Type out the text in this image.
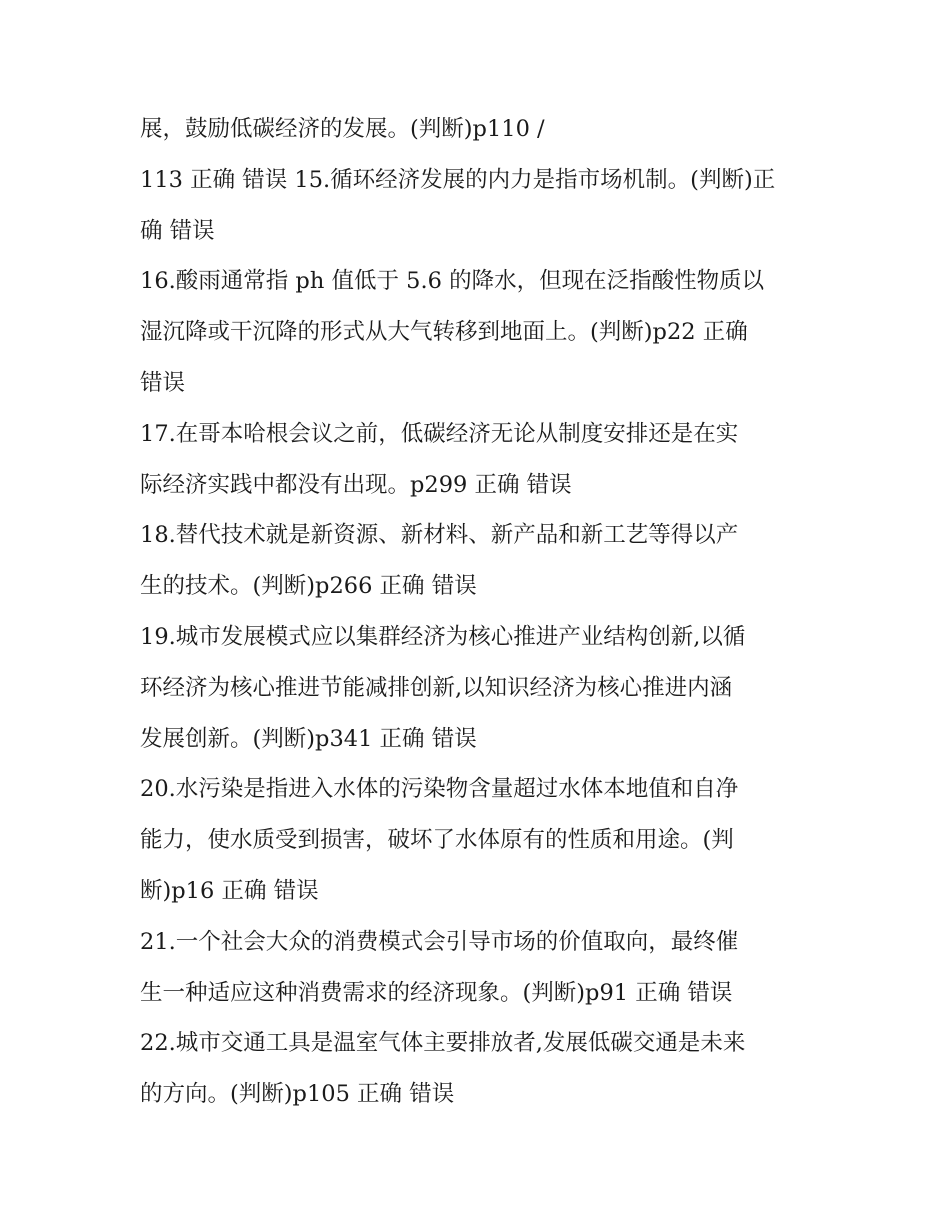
展，鼓励低碳经济的发展。(判断)p110 /
113 正确 错误 15.循环经济发展的内力是指市场机制。(判断)正
确 错误
16.酸雨通常指 ph 值低于 5.6 的降水，但现在泛指酸性物质以
湿沉降或干沉降的形式从大气转移到地面上。(判断)p22 正确
错误
17.在哥本哈根会议之前，低碳经济无论从制度安排还是在实
际经济实践中都没有出现。p299 正确 错误
18.替代技术就是新资源、新材料、新产品和新工艺等得以产
生的技术。(判断)p266 正确 错误
19.城市发展模式应以集群经济为核心推进产业结构创新,以循
环经济为核心推进节能减排创新,以知识经济为核心推进内涵
发展创新。(判断)p341 正确 错误
20.水污染是指进入水体的污染物含量超过水体本地值和自净
能力，使水质受到损害，破坏了水体原有的性质和用途。(判
断)p16 正确 错误
21.一个社会大众的消费模式会引导市场的价值取向，最终催
生一种适应这种消费需求的经济现象。(判断)p91 正确 错误
22.城市交通工具是温室气体主要排放者,发展低碳交通是未来
的方向。(判断)p105 正确 错误
